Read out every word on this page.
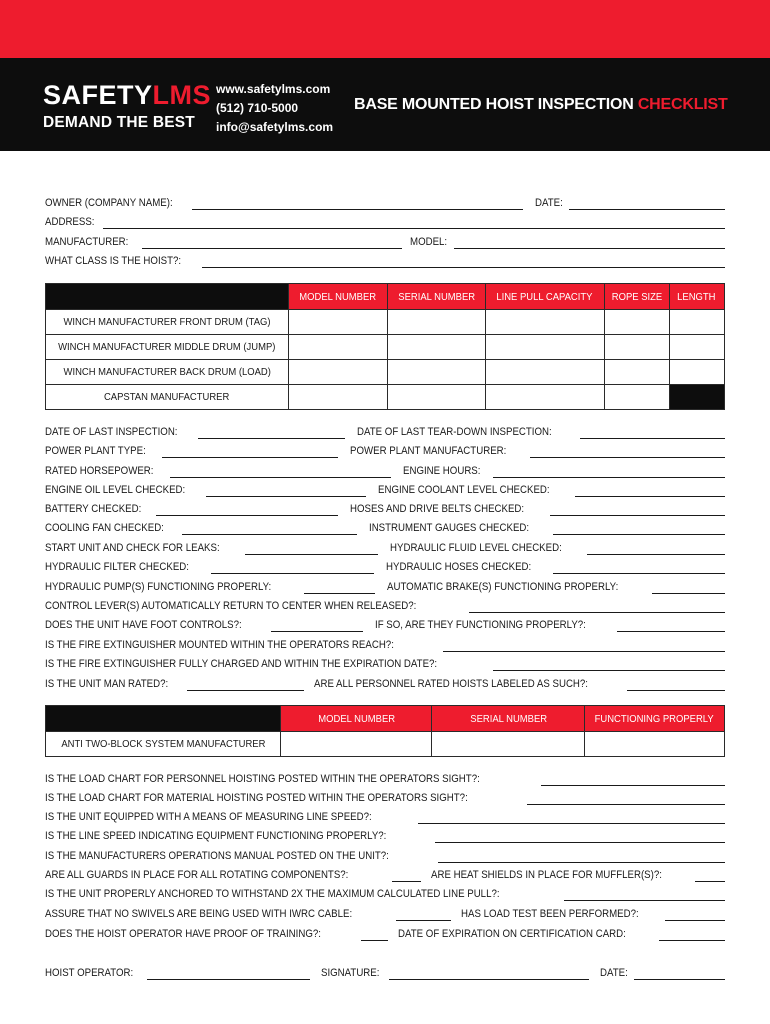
SAFETYLMS
DEMAND THE BEST
www.safetylms.com
(512) 710-5000
info@safetylms.com
BASE MOUNTED HOIST INSPECTION CHECKLIST
OWNER (COMPANY NAME):	DATE:
ADDRESS:
MANUFACTURER:	MODEL:
WHAT CLASS IS THE HOIST?:
	MODEL NUMBER	SERIAL NUMBER	LINE PULL CAPACITY	ROPE SIZE	LENGTH
WINCH MANUFACTURER FRONT DRUM (TAG)					
WINCH MANUFACTURER MIDDLE DRUM (JUMP)					
WINCH MANUFACTURER BACK DRUM (LOAD)					
CAPSTAN MANUFACTURER					
DATE OF LAST INSPECTION:	DATE OF LAST TEAR-DOWN INSPECTION:
POWER PLANT TYPE:	POWER PLANT MANUFACTURER:
RATED HORSEPOWER:	ENGINE HOURS:
ENGINE OIL LEVEL CHECKED:	ENGINE COOLANT LEVEL CHECKED:
BATTERY CHECKED:	HOSES AND DRIVE BELTS CHECKED:
COOLING FAN CHECKED:	INSTRUMENT GAUGES CHECKED:
START UNIT AND CHECK FOR LEAKS:	HYDRAULIC FLUID LEVEL CHECKED:
HYDRAULIC FILTER CHECKED:	HYDRAULIC HOSES CHECKED:
HYDRAULIC PUMP(S) FUNCTIONING PROPERLY:	AUTOMATIC BRAKE(S) FUNCTIONING PROPERLY:
CONTROL LEVER(S) AUTOMATICALLY RETURN TO CENTER WHEN RELEASED?:
DOES THE UNIT HAVE FOOT CONTROLS?:	IF SO, ARE THEY FUNCTIONING PROPERLY?:
IS THE FIRE EXTINGUISHER MOUNTED WITHIN THE OPERATORS REACH?:
IS THE FIRE EXTINGUISHER FULLY CHARGED AND WITHIN THE EXPIRATION DATE?:
IS THE UNIT MAN RATED?:	ARE ALL PERSONNEL RATED HOISTS LABELED AS SUCH?:
	MODEL NUMBER	SERIAL NUMBER	FUNCTIONING PROPERLY
ANTI TWO-BLOCK SYSTEM MANUFACTURER			
IS THE LOAD CHART FOR PERSONNEL HOISTING POSTED WITHIN THE OPERATORS SIGHT?:
IS THE LOAD CHART FOR MATERIAL HOISTING POSTED WITHIN THE OPERATORS SIGHT?:
IS THE UNIT EQUIPPED WITH A MEANS OF MEASURING LINE SPEED?:
IS THE LINE SPEED INDICATING EQUIPMENT FUNCTIONING PROPERLY?:
IS THE MANUFACTURERS OPERATIONS MANUAL POSTED ON THE UNIT?:
ARE ALL GUARDS IN PLACE FOR ALL ROTATING COMPONENTS?:	ARE HEAT SHIELDS IN PLACE FOR MUFFLER(S)?:
IS THE UNIT PROPERLY ANCHORED TO WITHSTAND 2X THE MAXIMUM CALCULATED LINE PULL?:
ASSURE THAT NO SWIVELS ARE BEING USED WITH IWRC CABLE:	HAS LOAD TEST BEEN PERFORMED?:
DOES THE HOIST OPERATOR HAVE PROOF OF TRAINING?:	DATE OF EXPIRATION ON CERTIFICATION CARD:
HOIST OPERATOR:	SIGNATURE:	DATE:
